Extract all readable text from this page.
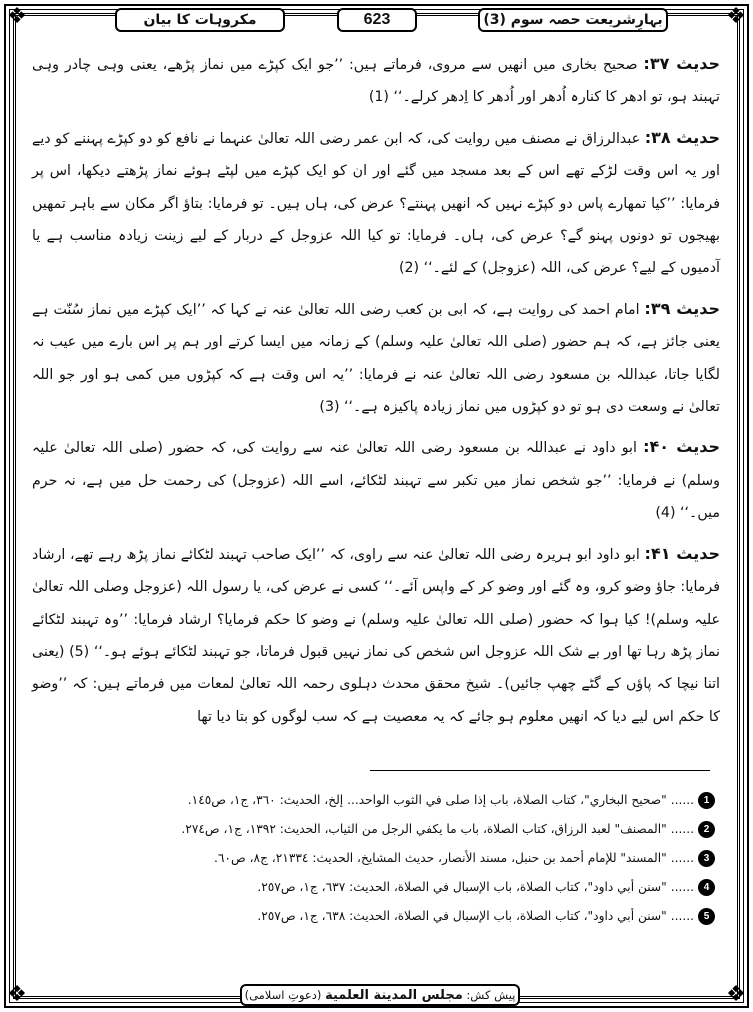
❖	❖
❖	❖
مکروہات کا بیان	623	بہارِشریعت حصہ سوم (3)

حدیث ۳۷: صحیح بخاری میں انھیں سے مروی، فرماتے ہیں: ’’جو ایک کپڑے میں نماز پڑھے، یعنی وہی چادر وہی تہبند ہو، تو ادھر کا کنارہ اُدھر اور اُدھر کا اِدھر کرلے۔‘‘ (1)

حدیث ۳۸: عبدالرزاق نے مصنف میں روایت کی، کہ ابن عمر رضی اللہ تعالیٰ عنہما نے نافع کو دو کپڑے پہننے کو دیے اور یہ اس وقت لڑکے تھے اس کے بعد مسجد میں گئے اور ان کو ایک کپڑے میں لپٹے ہوئے نماز پڑھتے دیکھا، اس پر فرمایا: ’’کیا تمھارے پاس دو کپڑے نہیں کہ انھیں پہنتے؟ عرض کی، ہاں ہیں۔ تو فرمایا: بتاؤ اگر مکان سے باہر تمھیں بھیجوں تو دونوں پہنو گے؟ عرض کی، ہاں۔ فرمایا: تو کیا اللہ عزوجل کے دربار کے لیے زینت زیادہ مناسب ہے یا آدمیوں کے لیے؟ عرض کی، اللہ (عزوجل) کے لئے۔‘‘ (2)

حدیث ۳۹: امام احمد کی روایت ہے، کہ ابی بن کعب رضی اللہ تعالیٰ عنہ نے کہا کہ ’’ایک کپڑے میں نماز سُنّت ہے یعنی جائز ہے، کہ ہم حضور (صلی اللہ تعالیٰ علیہ وسلم) کے زمانہ میں ایسا کرتے اور ہم پر اس بارے میں عیب نہ لگایا جاتا، عبداللہ بن مسعود رضی اللہ تعالیٰ عنہ نے فرمایا: ’’یہ اس وقت ہے کہ کپڑوں میں کمی ہو اور جو اللہ تعالیٰ نے وسعت دی ہو تو دو کپڑوں میں نماز زیادہ پاکیزہ ہے۔‘‘ (3)

حدیث ۴۰: ابو داود نے عبداللہ بن مسعود رضی اللہ تعالیٰ عنہ سے روایت کی، کہ حضور (صلی اللہ تعالیٰ علیہ وسلم) نے فرمایا: ’’جو شخص نماز میں تکبر سے تہبند لٹکائے، اسے اللہ (عزوجل) کی رحمت حل میں ہے، نہ حرم میں۔‘‘ (4)

حدیث ۴۱: ابو داود ابو ہریرہ رضی اللہ تعالیٰ عنہ سے راوی، کہ ’’ایک صاحب تہبند لٹکائے نماز پڑھ رہے تھے، ارشاد فرمایا: جاؤ وضو کرو، وہ گئے اور وضو کر کے واپس آئے۔‘‘ کسی نے عرض کی، یا رسول اللہ (عزوجل وصلی اللہ تعالیٰ علیہ وسلم)! کیا ہوا کہ حضور (صلی اللہ تعالیٰ علیہ وسلم) نے وضو کا حکم فرمایا؟ ارشاد فرمایا: ’’وہ تہبند لٹکائے نماز پڑھ رہا تھا اور بے شک اللہ عزوجل اس شخص کی نماز نہیں قبول فرماتا، جو تہبند لٹکائے ہوئے ہو۔‘‘ (5) (یعنی اتنا نیچا کہ پاؤں کے گٹے چھپ جائیں)۔ شیخ محقق محدث دہلوی رحمہ اللہ تعالیٰ لمعات میں فرماتے ہیں: کہ ’’وضو کا حکم اس لیے دیا کہ انھیں معلوم ہو جائے کہ یہ معصیت ہے کہ سب لوگوں کو بتا دیا تھا

1......"صحيح البخاري"، كتاب الصلاة، باب إذا صلى في الثوب الواحد... إلخ، الحديث: ٣٦٠، ج١، ص١٤٥.
2......"المصنف" لعبد الرزاق، كتاب الصلاة، باب ما يكفي الرجل من الثياب، الحديث: ١٣٩٢، ج١، ص٢٧٤.
3......"المسند" للإمام أحمد بن حنبل، مسند الأنصار، حديث المشايخ، الحديث: ٢١٣٣٤، ج٨، ص٦٠.
4......"سنن أبي داود"، كتاب الصلاة، باب الإسبال في الصلاة، الحديث: ٦٣٧، ج١، ص٢٥٧.
5......"سنن أبي داود"، كتاب الصلاة، باب الإسبال في الصلاة، الحديث: ٦٣٨، ج١، ص٢٥٧.
پیش کش: مجلس المدينة العلمية (دعوتِ اسلامی)
